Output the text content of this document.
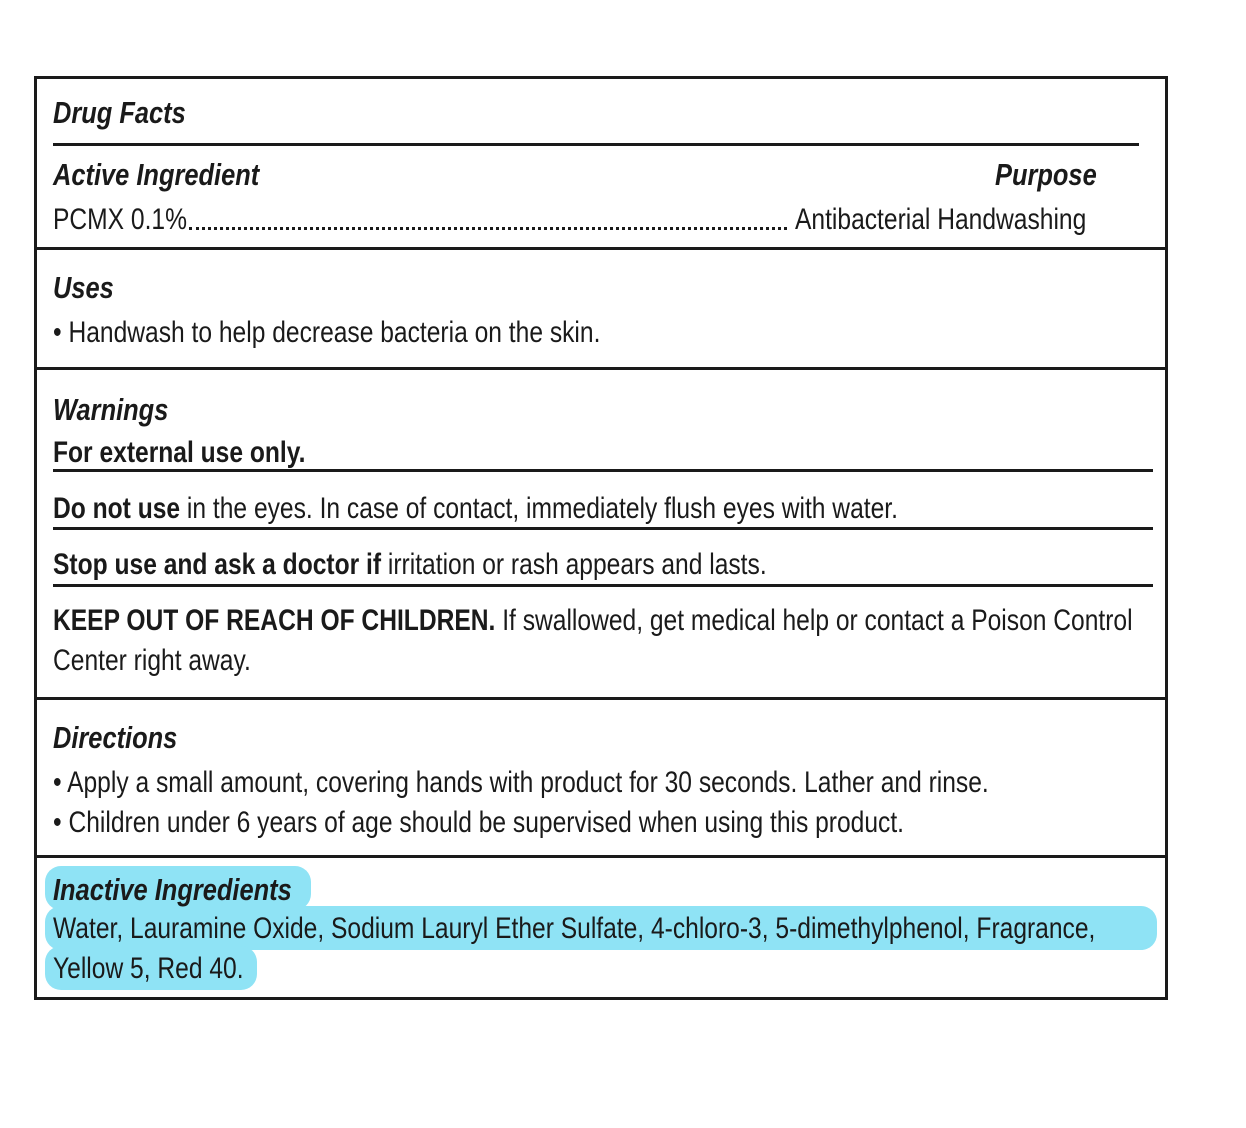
Drug Facts
Active Ingredient	Purpose
PCMX 0.1%	Antibacterial Handwashing
Uses
• Handwash to help decrease bacteria on the skin.
Warnings
For external use only.
Do not use in the eyes. In case of contact, immediately flush eyes with water.
Stop use and ask a doctor if irritation or rash appears and lasts.
KEEP OUT OF REACH OF CHILDREN. If swallowed, get medical help or contact a Poison Control
Center right away.
Directions
• Apply a small amount, covering hands with product for 30 seconds. Lather and rinse.
• Children under 6 years of age should be supervised when using this product.
Inactive Ingredients
Water, Lauramine Oxide, Sodium Lauryl Ether Sulfate, 4-chloro-3, 5-dimethylphenol, Fragrance,
Yellow 5, Red 40.
